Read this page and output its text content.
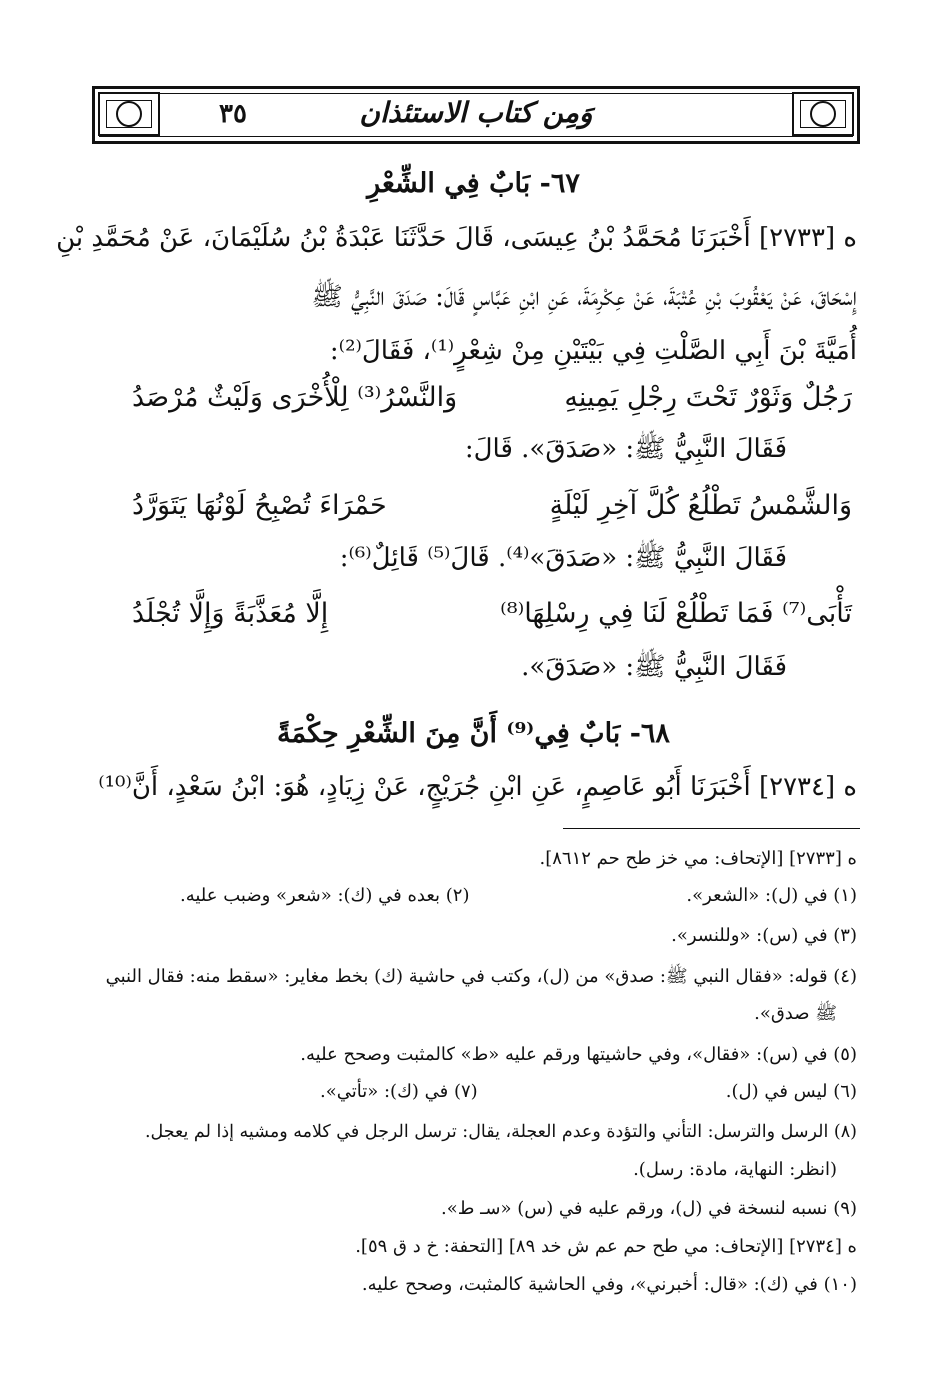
٣٥	وَمِن كتاب الاستئذان
٦٧- بَابٌ فِي الشِّعْرِ
ه [٢٧٣٣] أَخْبَرَنَا مُحَمَّدُ بْنُ عِيسَى، قَالَ حَدَّثَنَا عَبْدَةُ بْنُ سُلَيْمَانَ، عَنْ مُحَمَّدِ بْنِ
إِسْحَاقَ، عَنْ يَعْقُوبَ بْنِ عُتْبَةَ، عَنْ عِكْرِمَةَ، عَنِ ابْنِ عَبَّاسٍ قَالَ: صَدَقَ النَّبِيُّ ﷺ
أُمَيَّةَ بْنَ أَبِي الصَّلْتِ فِي بَيْتَيْنِ مِنْ شِعْرٍ⁽¹⁾، فَقَالَ⁽²⁾:
رَجُلٌ وَثَوْرٌ تَحْتَ رِجْلِ يَمِينِهِ
وَالنَّسْرُ⁽³⁾ لِلْأُخْرَى وَلَيْثٌ مُرْصَدُ
فَقَالَ النَّبِيُّ ﷺ: «صَدَقَ». قَالَ:
وَالشَّمْسُ تَطْلُعُ كُلَّ آخِرِ لَيْلَةٍ
حَمْرَاءَ تُصْبِحُ لَوْنُهَا يَتَوَرَّدُ
فَقَالَ النَّبِيُّ ﷺ: «صَدَقَ»⁽⁴⁾. قَالَ⁽⁵⁾ قَائِلٌ⁽⁶⁾:
تَأْبَى⁽⁷⁾ فَمَا تَطْلُعْ لَنَا فِي رِسْلِهَا⁽⁸⁾
إِلَّا مُعَذَّبَةً وَإِلَّا تُجْلَدُ
فَقَالَ النَّبِيُّ ﷺ: «صَدَقَ».
٦٨- بَابٌ فِي⁽⁹⁾ أَنَّ مِنَ الشِّعْرِ حِكْمَةً
ه [٢٧٣٤] أَخْبَرَنَا أَبُو عَاصِمٍ، عَنِ ابْنِ جُرَيْجٍ، عَنْ زِيَادٍ، هُوَ: ابْنُ سَعْدٍ، أَنَّ⁽¹⁰⁾
ه [٢٧٣٣] [الإتحاف: مي خز طح حم ٨٦١٢].
(١) في (ل): «الشعر».
(٢) بعده في (ك): «شعر» وضبب عليه.
(٣) في (س): «وللنسر».
(٤) قوله: «فقال النبي ﷺ: صدق» من (ل)، وكتب في حاشية (ك) بخط مغاير: «سقط منه: فقال النبي
ﷺ صدق».
(٥) في (س): «فقال»، وفي حاشيتها ورقم عليه «ط» كالمثبت وصحح عليه.
(٦) ليس في (ل).
(٧) في (ك): «تأتي».
(٨) الرسل والترسل: التأني والتؤدة وعدم العجلة، يقال: ترسل الرجل في كلامه ومشيه إذا لم يعجل.
(انظر: النهاية، مادة: رسل).
(٩) نسبه لنسخة في (ل)، ورقم عليه في (س) «سـ ط».
ه [٢٧٣٤] [الإتحاف: مي طح حم عم ش خد ٨٩] [التحفة: خ د ق ٥٩].
(١٠) في (ك): «قال: أخبرني»، وفي الحاشية كالمثبت، وصحح عليه.
